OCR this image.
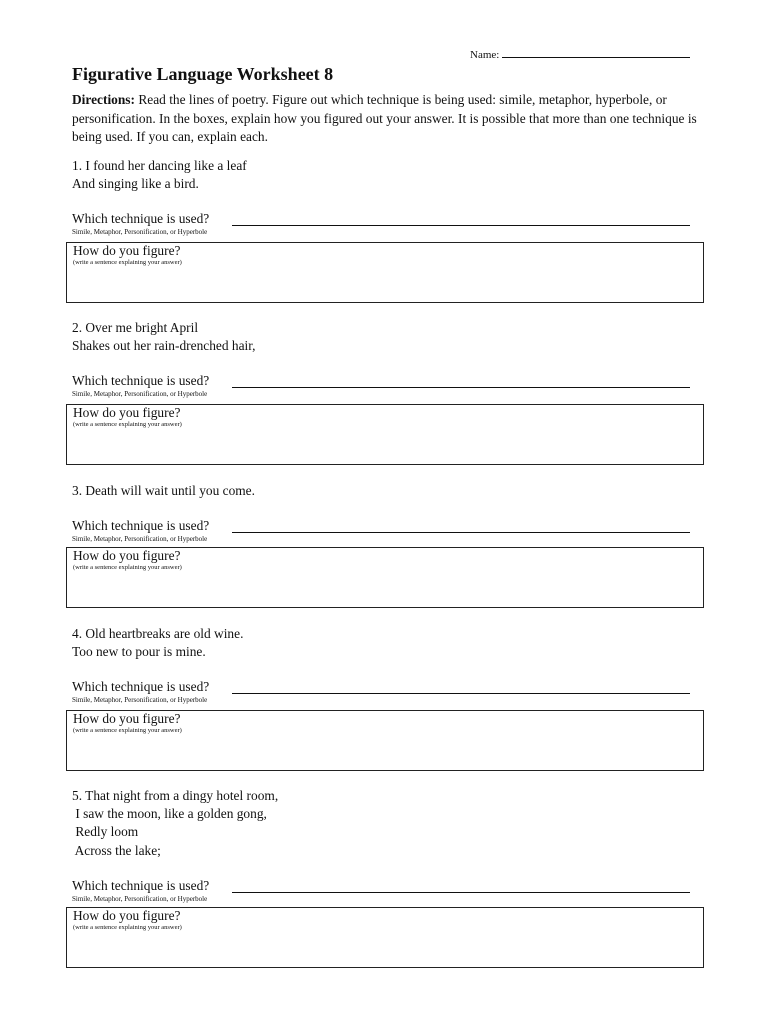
Name:
Figurative Language Worksheet 8

Directions: Read the lines of poetry. Figure out which technique is being used: simile, metaphor, hyperbole, or personification. In the boxes, explain how you figured out your answer. It is possible that more than one technique is being used. If you can, explain each.

1. I found her dancing like a leaf
And singing like a bird.
Which technique is used?
Simile, Metaphor, Personification, or Hyperbole
How do you figure?
(write a sentence explaining your answer)
2. Over me bright April
Shakes out her rain-drenched hair,
Which technique is used?
Simile, Metaphor, Personification, or Hyperbole
How do you figure?
(write a sentence explaining your answer)
3. Death will wait until you come.
Which technique is used?
Simile, Metaphor, Personification, or Hyperbole
How do you figure?
(write a sentence explaining your answer)
4. Old heartbreaks are old wine.
Too new to pour is mine.
Which technique is used?
Simile, Metaphor, Personification, or Hyperbole
How do you figure?
(write a sentence explaining your answer)
5. That night from a dingy hotel room,
I saw the moon, like a golden gong,
Redly loom
Across the lake;
Which technique is used?
Simile, Metaphor, Personification, or Hyperbole
How do you figure?
(write a sentence explaining your answer)
